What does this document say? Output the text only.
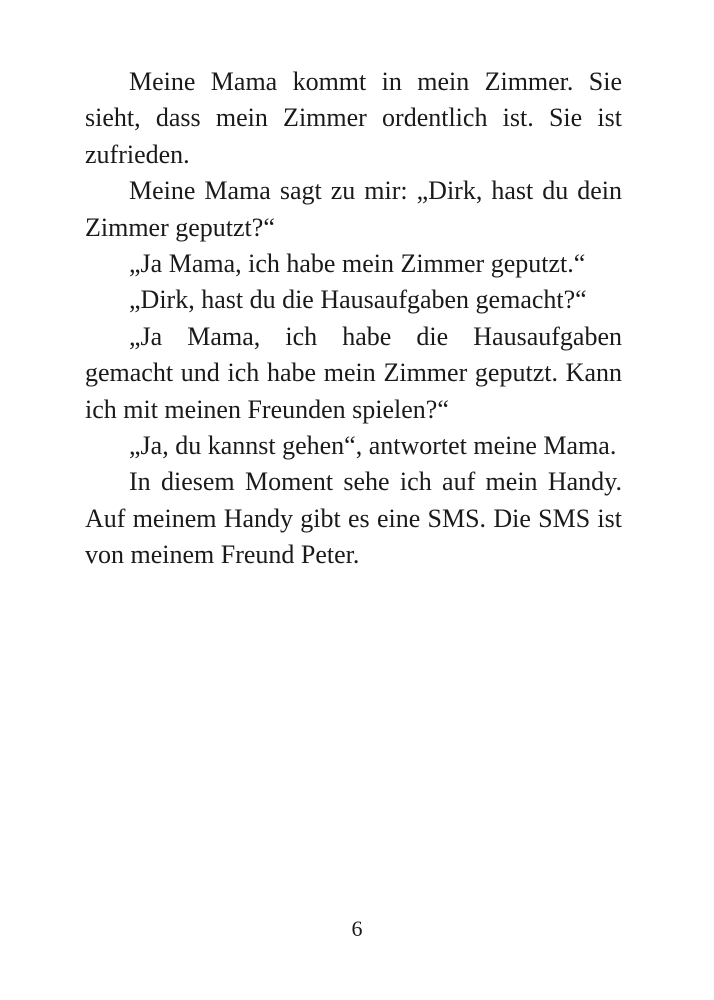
Meine Mama kommt in mein Zimmer. Sie sieht, dass mein Zimmer ordentlich ist. Sie ist zufrieden.

Meine Mama sagt zu mir: „Dirk, hast du dein Zimmer geputzt?“

„Ja Mama, ich habe mein Zimmer geputzt.“

„Dirk, hast du die Hausaufgaben gemacht?“

„Ja Mama, ich habe die Hausaufgaben gemacht und ich habe mein Zimmer geputzt. Kann ich mit meinen Freunden spielen?“

„Ja, du kannst gehen“, antwortet meine Mama.

In diesem Moment sehe ich auf mein Handy. Auf meinem Handy gibt es eine SMS. Die SMS ist von meinem Freund Peter.

6
